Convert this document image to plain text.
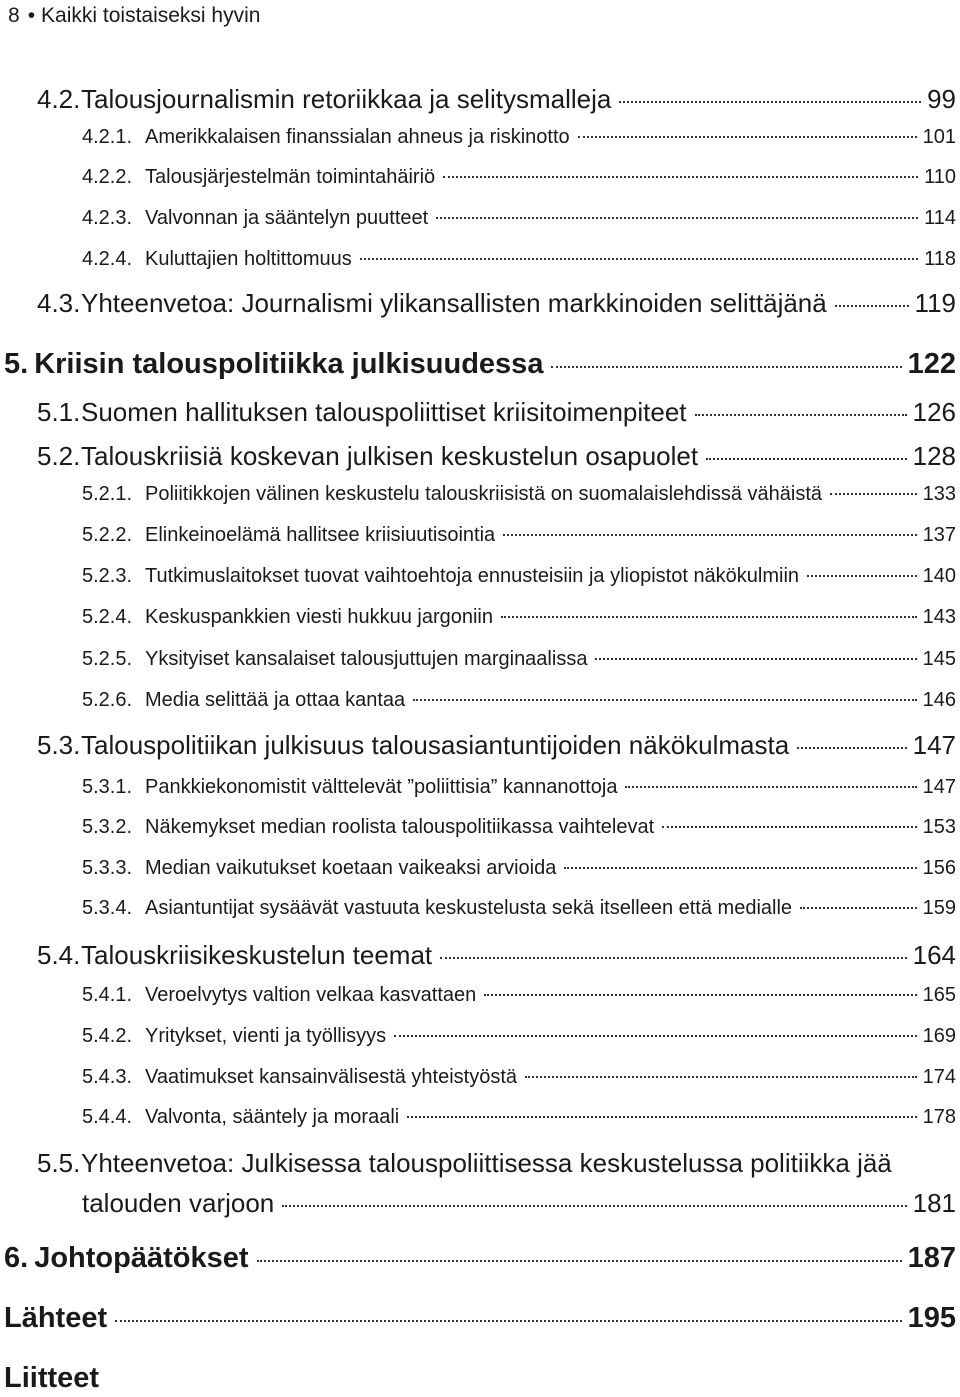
8 • Kaikki toistaiseksi hyvin
4.2. Talousjournalismin retoriikkaa ja selitysmalleja	99
4.2.1. Amerikkalaisen finanssialan ahneus ja riskinotto	101
4.2.2. Talousjärjestelmän toimintahäiriö	110
4.2.3. Valvonnan ja sääntelyn puutteet	114
4.2.4. Kuluttajien holtittomuus	118
4.3. Yhteenvetoa: Journalismi ylikansallisten markkinoiden selittäjänä	119
5. Kriisin talouspolitiikka julkisuudessa	122
5.1. Suomen hallituksen talouspoliittiset kriisitoimenpiteet	126
5.2. Talouskriisiä koskevan julkisen keskustelun osapuolet	128
5.2.1. Poliitikkojen välinen keskustelu talouskriisistä on suomalaislehdissä vähäistä	133
5.2.2. Elinkeinoelämä hallitsee kriisiuutisointia	137
5.2.3. Tutkimuslaitokset tuovat vaihtoehtoja ennusteisiin ja yliopistot näkökulmiin	140
5.2.4. Keskuspankkien viesti hukkuu jargoniin	143
5.2.5. Yksityiset kansalaiset talousjuttujen marginaalissa	145
5.2.6. Media selittää ja ottaa kantaa	146
5.3. Talouspolitiikan julkisuus talousasiantuntijoiden näkökulmasta	147
5.3.1. Pankkiekonomistit välttelevät ”poliittisia” kannanottoja	147
5.3.2. Näkemykset median roolista talouspolitiikassa vaihtelevat	153
5.3.3. Median vaikutukset koetaan vaikeaksi arvioida	156
5.3.4. Asiantuntijat sysäävät vastuuta keskustelusta sekä itselleen että medialle	159
5.4. Talouskriisikeskustelun teemat	164
5.4.1. Veroelvytys valtion velkaa kasvattaen	165
5.4.2. Yritykset, vienti ja työllisyys	169
5.4.3. Vaatimukset kansainvälisestä yhteistyöstä	174
5.4.4. Valvonta, sääntely ja moraali	178
5.5. Yhteenvetoa: Julkisessa talouspoliittisessa keskustelussa politiikka jää
talouden varjoon	181
6. Johtopäätökset	187
Lähteet	195
Liitteet
